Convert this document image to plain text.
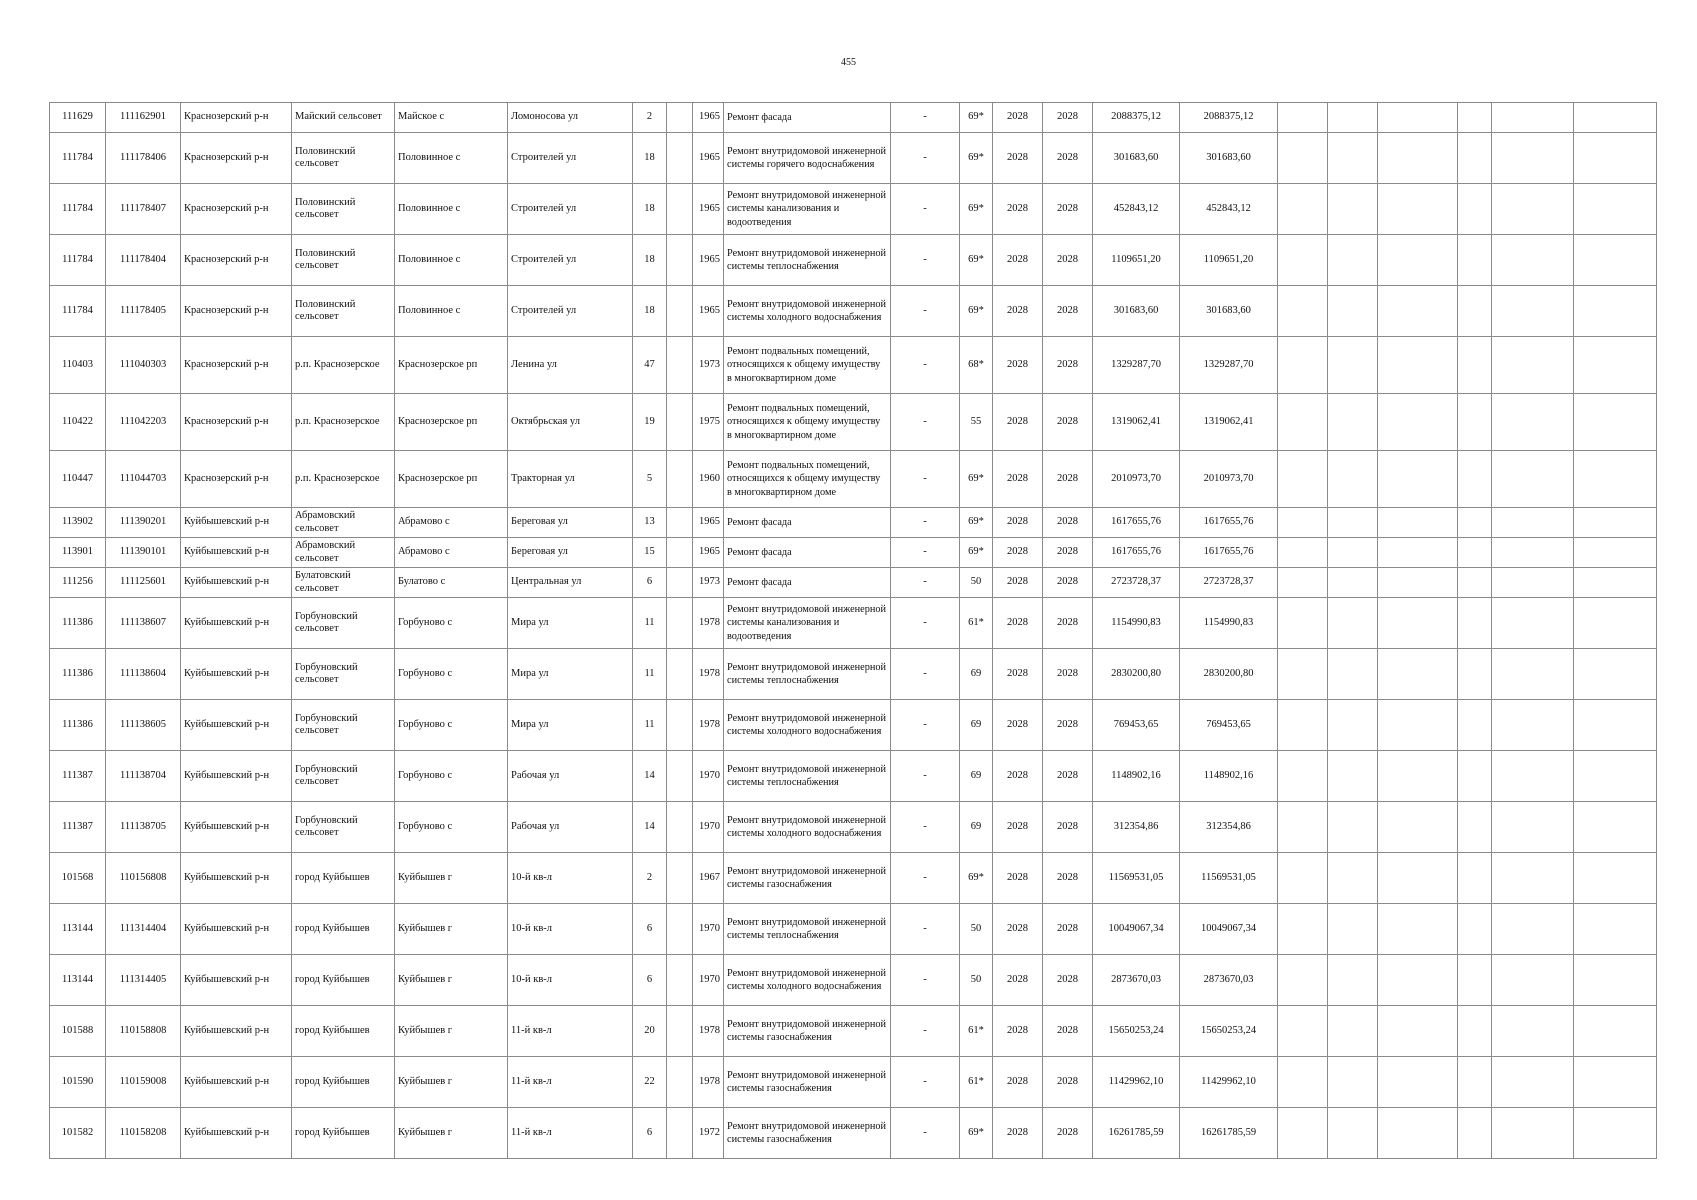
455
111629	111162901	Краснозерский р-н	Майский сельсовет	Майское с	Ломоносова ул	2		1965	Ремонт фасада	-	69*	2028	2028	2088375,12	2088375,12						
111784	111178406	Краснозерский р-н	Половинский сельсовет	Половинное с	Строителей ул	18		1965	Ремонт внутридомовой инженерной системы горячего водоснабжения	-	69*	2028	2028	301683,60	301683,60						
111784	111178407	Краснозерский р-н	Половинский сельсовет	Половинное с	Строителей ул	18		1965	Ремонт внутридомовой инженерной системы канализования и водоотведения	-	69*	2028	2028	452843,12	452843,12						
111784	111178404	Краснозерский р-н	Половинский сельсовет	Половинное с	Строителей ул	18		1965	Ремонт внутридомовой инженерной системы теплоснабжения	-	69*	2028	2028	1109651,20	1109651,20						
111784	111178405	Краснозерский р-н	Половинский сельсовет	Половинное с	Строителей ул	18		1965	Ремонт внутридомовой инженерной системы холодного водоснабжения	-	69*	2028	2028	301683,60	301683,60						
110403	111040303	Краснозерский р-н	р.п. Краснозерское	Краснозерское рп	Ленина ул	47		1973	Ремонт подвальных помещений, относящихся к общему имуществу в многоквартирном доме	-	68*	2028	2028	1329287,70	1329287,70						
110422	111042203	Краснозерский р-н	р.п. Краснозерское	Краснозерское рп	Октябрьская ул	19		1975	Ремонт подвальных помещений, относящихся к общему имуществу в многоквартирном доме	-	55	2028	2028	1319062,41	1319062,41						
110447	111044703	Краснозерский р-н	р.п. Краснозерское	Краснозерское рп	Тракторная ул	5		1960	Ремонт подвальных помещений, относящихся к общему имуществу в многоквартирном доме	-	69*	2028	2028	2010973,70	2010973,70						
113902	111390201	Куйбышевский р-н	Абрамовский сельсовет	Абрамово с	Береговая ул	13		1965	Ремонт фасада	-	69*	2028	2028	1617655,76	1617655,76						
113901	111390101	Куйбышевский р-н	Абрамовский сельсовет	Абрамово с	Береговая ул	15		1965	Ремонт фасада	-	69*	2028	2028	1617655,76	1617655,76						
111256	111125601	Куйбышевский р-н	Булатовский сельсовет	Булатово с	Центральная ул	6		1973	Ремонт фасада	-	50	2028	2028	2723728,37	2723728,37						
111386	111138607	Куйбышевский р-н	Горбуновский сельсовет	Горбуново с	Мира ул	11		1978	Ремонт внутридомовой инженерной системы канализования и водоотведения	-	61*	2028	2028	1154990,83	1154990,83						
111386	111138604	Куйбышевский р-н	Горбуновский сельсовет	Горбуново с	Мира ул	11		1978	Ремонт внутридомовой инженерной системы теплоснабжения	-	69	2028	2028	2830200,80	2830200,80						
111386	111138605	Куйбышевский р-н	Горбуновский сельсовет	Горбуново с	Мира ул	11		1978	Ремонт внутридомовой инженерной системы холодного водоснабжения	-	69	2028	2028	769453,65	769453,65						
111387	111138704	Куйбышевский р-н	Горбуновский сельсовет	Горбуново с	Рабочая ул	14		1970	Ремонт внутридомовой инженерной системы теплоснабжения	-	69	2028	2028	1148902,16	1148902,16						
111387	111138705	Куйбышевский р-н	Горбуновский сельсовет	Горбуново с	Рабочая ул	14		1970	Ремонт внутридомовой инженерной системы холодного водоснабжения	-	69	2028	2028	312354,86	312354,86						
101568	110156808	Куйбышевский р-н	город Куйбышев	Куйбышев г	10-й кв-л	2		1967	Ремонт внутридомовой инженерной системы газоснабжения	-	69*	2028	2028	11569531,05	11569531,05						
113144	111314404	Куйбышевский р-н	город Куйбышев	Куйбышев г	10-й кв-л	6		1970	Ремонт внутридомовой инженерной системы теплоснабжения	-	50	2028	2028	10049067,34	10049067,34						
113144	111314405	Куйбышевский р-н	город Куйбышев	Куйбышев г	10-й кв-л	6		1970	Ремонт внутридомовой инженерной системы холодного водоснабжения	-	50	2028	2028	2873670,03	2873670,03						
101588	110158808	Куйбышевский р-н	город Куйбышев	Куйбышев г	11-й кв-л	20		1978	Ремонт внутридомовой инженерной системы газоснабжения	-	61*	2028	2028	15650253,24	15650253,24						
101590	110159008	Куйбышевский р-н	город Куйбышев	Куйбышев г	11-й кв-л	22		1978	Ремонт внутридомовой инженерной системы газоснабжения	-	61*	2028	2028	11429962,10	11429962,10						
101582	110158208	Куйбышевский р-н	город Куйбышев	Куйбышев г	11-й кв-л	6		1972	Ремонт внутридомовой инженерной системы газоснабжения	-	69*	2028	2028	16261785,59	16261785,59						
